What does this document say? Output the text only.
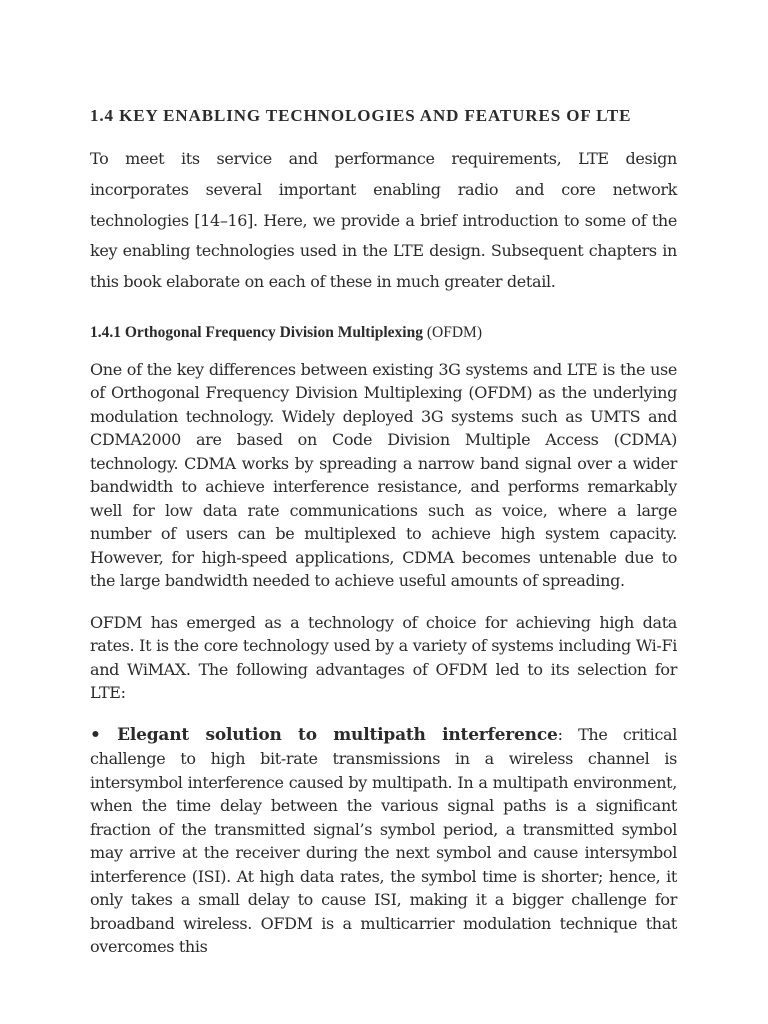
1.4 KEY ENABLING TECHNOLOGIES AND FEATURES OF LTE

To meet its service and performance requirements, LTE design incorporates several important enabling radio and core network technologies [14–16]. Here, we provide a brief introduction to some of the key enabling technologies used in the LTE design. Subsequent chapters in this book elaborate on each of these in much greater detail.

1.4.1 Orthogonal Frequency Division Multiplexing (OFDM)

One of the key differences between existing 3G systems and LTE is the use of Orthogonal Frequency Division Multiplexing (OFDM) as the underlying modulation technology. Widely deployed 3G systems such as UMTS and CDMA2000 are based on Code Division Multiple Access (CDMA) technology. CDMA works by spreading a narrow band signal over a wider bandwidth to achieve interference resistance, and performs remarkably well for low data rate communications such as voice, where a large number of users can be multiplexed to achieve high system capacity. However, for high-speed applications, CDMA becomes untenable due to the large bandwidth needed to achieve useful amounts of spreading.

OFDM has emerged as a technology of choice for achieving high data rates. It is the core technology used by a variety of systems including Wi-Fi and WiMAX. The following advantages of OFDM led to its selection for LTE:

• Elegant solution to multipath interference: The critical challenge to high bit-rate transmissions in a wireless channel is intersymbol interference caused by multipath. In a multipath environment, when the time delay between the various signal paths is a significant fraction of the transmitted signal’s symbol period, a transmitted symbol may arrive at the receiver during the next symbol and cause intersymbol interference (ISI). At high data rates, the symbol time is shorter; hence, it only takes a small delay to cause ISI, making it a bigger challenge for broadband wireless. OFDM is a multicarrier modulation technique that overcomes this
